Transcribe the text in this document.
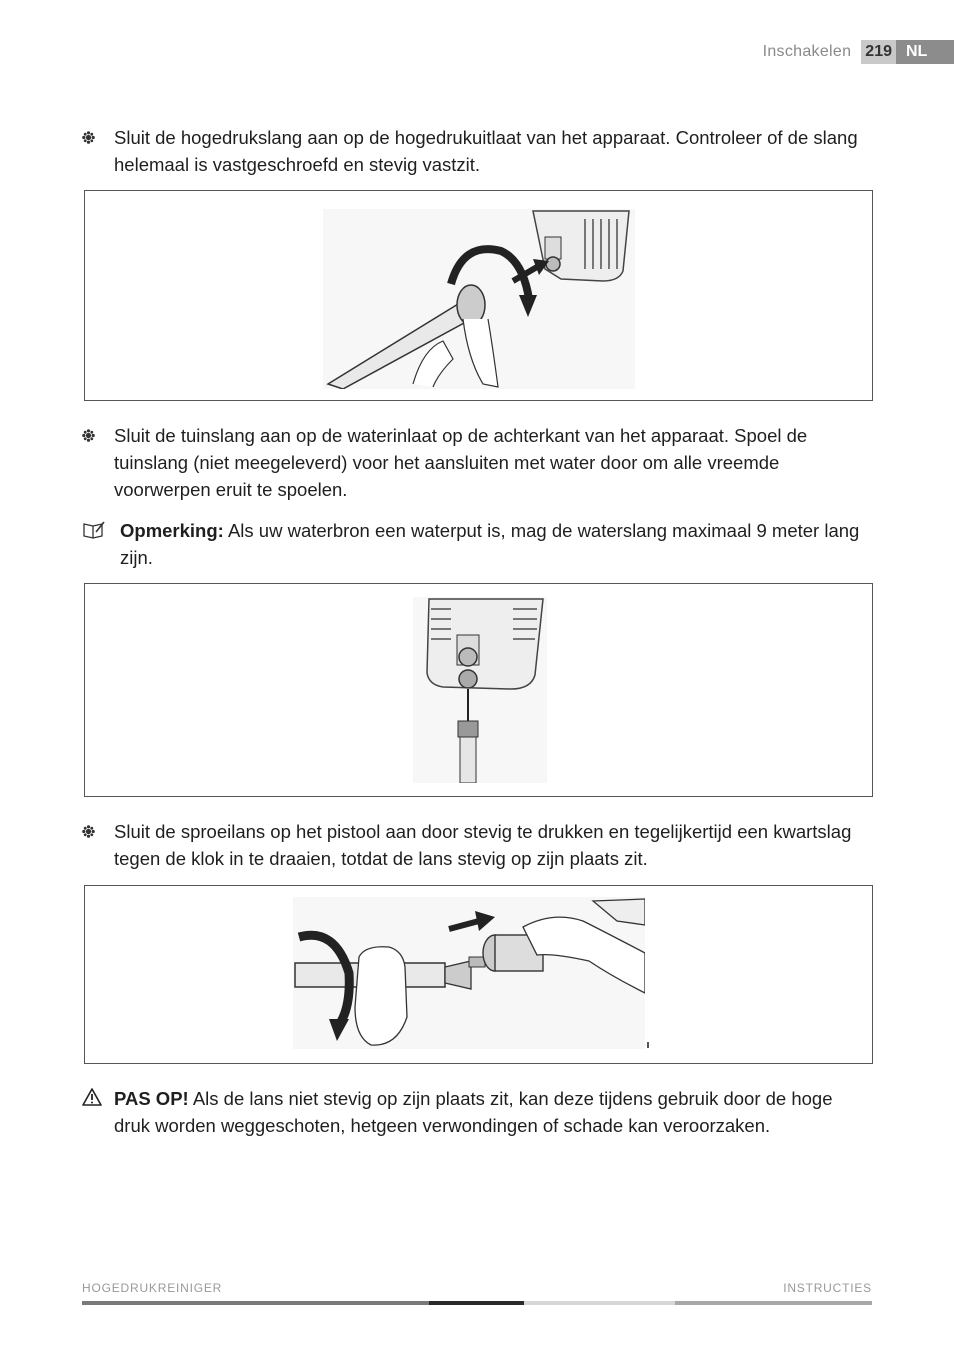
Inschakelen 219 NL
Sluit de hogedrukslang aan op de hogedrukuitlaat van het apparaat. Controleer of de slang helemaal is vastgeschroefd en stevig vastzit.
Sluit de tuinslang aan op de waterinlaat op de achterkant van het apparaat. Spoel de tuinslang (niet meegeleverd) voor het aansluiten met water door om alle vreemde voorwerpen eruit te spoelen.
Opmerking: Als uw waterbron een waterput is, mag de waterslang maximaal 9 meter lang zijn.
Sluit de sproeilans op het pistool aan door stevig te drukken en tegelijkertijd een kwartslag tegen de klok in te draaien, totdat de lans stevig op zijn plaats zit.
PAS OP! Als de lans niet stevig op zijn plaats zit, kan deze tijdens gebruik door de hoge druk worden weggeschoten, hetgeen verwondingen of schade kan veroorzaken.
HOGEDRUKREINIGER	INSTRUCTIES
